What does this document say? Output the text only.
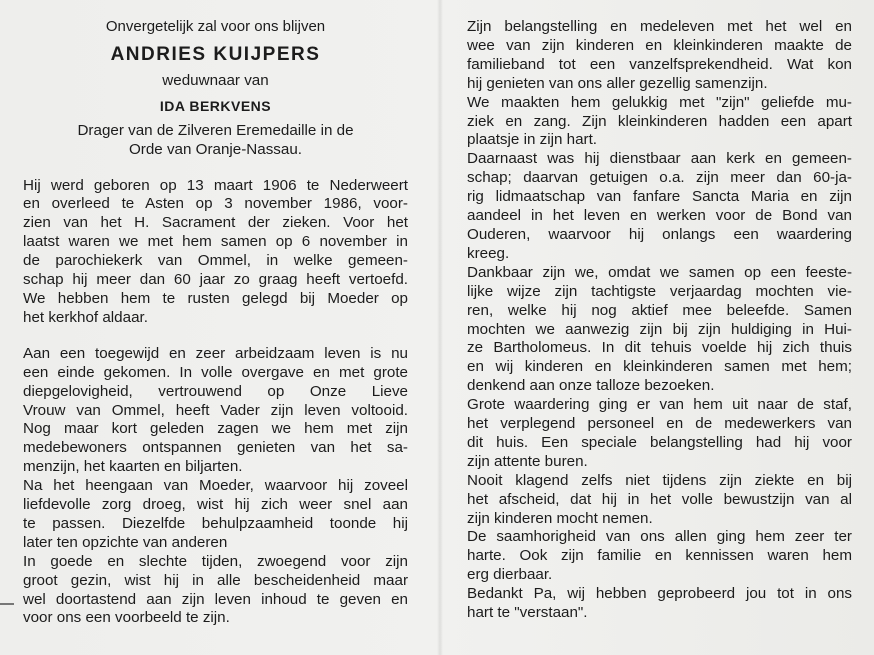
Onvergetelijk zal voor ons blijven
ANDRIES KUIJPERS
weduwnaar van
IDA BERKVENS
Drager van de Zilveren Eremedaille in de
Orde van Oranje-Nassau.
Hij werd geboren op 13 maart 1906 te Nederweert
en overleed te Asten op 3 november 1986, voor-
zien van het H. Sacrament der zieken. Voor het
laatst waren we met hem samen op 6 november in
de parochiekerk van Ommel, in welke gemeen-
schap hij meer dan 60 jaar zo graag heeft vertoefd.
We hebben hem te rusten gelegd bij Moeder op
het kerkhof aldaar.
Aan een toegewijd en zeer arbeidzaam leven is nu
een einde gekomen. In volle overgave en met grote
diepgelovigheid, vertrouwend op Onze Lieve
Vrouw van Ommel, heeft Vader zijn leven voltooid.
Nog maar kort geleden zagen we hem met zijn
medebewoners ontspannen genieten van het sa-
menzijn, het kaarten en biljarten.
Na het heengaan van Moeder, waarvoor hij zoveel
liefdevolle zorg droeg, wist hij zich weer snel aan
te passen. Diezelfde behulpzaamheid toonde hij
later ten opzichte van anderen
In goede en slechte tijden, zwoegend voor zijn
groot gezin, wist hij in alle bescheidenheid maar
wel doortastend aan zijn leven inhoud te geven en
voor ons een voorbeeld te zijn.
Zijn belangstelling en medeleven met het wel en
wee van zijn kinderen en kleinkinderen maakte de
familieband tot een vanzelfsprekendheid. Wat kon
hij genieten van ons aller gezellig samenzijn.
We maakten hem gelukkig met "zijn" geliefde mu-
ziek en zang. Zijn kleinkinderen hadden een apart
plaatsje in zijn hart.
Daarnaast was hij dienstbaar aan kerk en gemeen-
schap; daarvan getuigen o.a. zijn meer dan 60-ja-
rig lidmaatschap van fanfare Sancta Maria en zijn
aandeel in het leven en werken voor de Bond van
Ouderen, waarvoor hij onlangs een waardering
kreeg.
Dankbaar zijn we, omdat we samen op een feeste-
lijke wijze zijn tachtigste verjaardag mochten vie-
ren, welke hij nog aktief mee beleefde. Samen
mochten we aanwezig zijn bij zijn huldiging in Hui-
ze Bartholomeus. In dit tehuis voelde hij zich thuis
en wij kinderen en kleinkinderen samen met hem;
denkend aan onze talloze bezoeken.
Grote waardering ging er van hem uit naar de staf,
het verplegend personeel en de medewerkers van
dit huis. Een speciale belangstelling had hij voor
zijn attente buren.
Nooit klagend zelfs niet tijdens zijn ziekte en bij
het afscheid, dat hij in het volle bewustzijn van al
zijn kinderen mocht nemen.
De saamhorigheid van ons allen ging hem zeer ter
harte. Ook zijn familie en kennissen waren hem
erg dierbaar.
Bedankt Pa, wij hebben geprobeerd jou tot in ons
hart te "verstaan".
